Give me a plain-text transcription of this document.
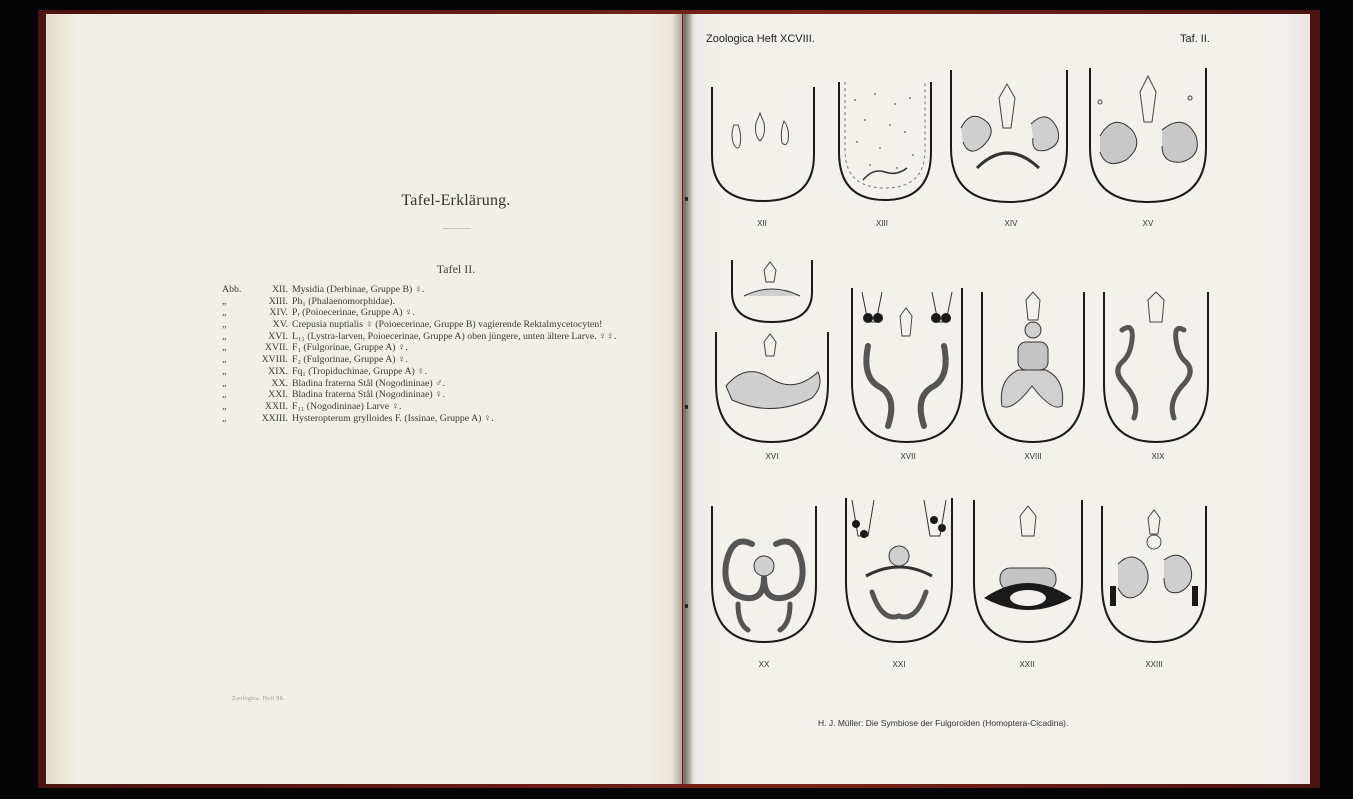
Tafel-Erklärung.
Tafel II.
Abb.	XII. Mysidia (Derbinae, Gruppe B) ♀.
„	XIII. Ph₁ (Phalaenomorphidae).
„	XIV. Pᵣ (Poioecerinae, Gruppe A) ♀.
„	XV. Crepusia nuptialis ♀ (Poioecerinae, Gruppe B) vagierende Rektalmycetocyten!
„	XVI. L₁₁ (Lystra-larven, Poioecerinae, Gruppe A) oben jüngere, unten ältere Larve. ♀♀.
„	XVII. F₁ (Fulgorinae, Gruppe A) ♀.
„	XVIII. F₂ (Fulgorinae, Gruppe A) ♀.
„	XIX. Fq₁ (Tropiduchinae, Gruppe A) ♀.
„	XX. Bladina fraterna Stål (Nogodininae) ♂.
„	XXI. Bladina fraterna Stål (Nogodininae) ♀.
„	XXII. F₁₁ (Nogodininae) Larve ♀.
„	XXIII. Hysteropterum grylloides F. (Issinae, Gruppe A) ♀.
Zoologica. Heft 98.
Zoologica Heft XCVIII.	Taf. II.
XII	XIII	XIV	XV
XVI	XVII	XVIII	XIX
XX	XXI	XXII	XXIII
H. J. Müller: Die Symbiose der Fulgoroiden (Homoptera-Cicadina).
